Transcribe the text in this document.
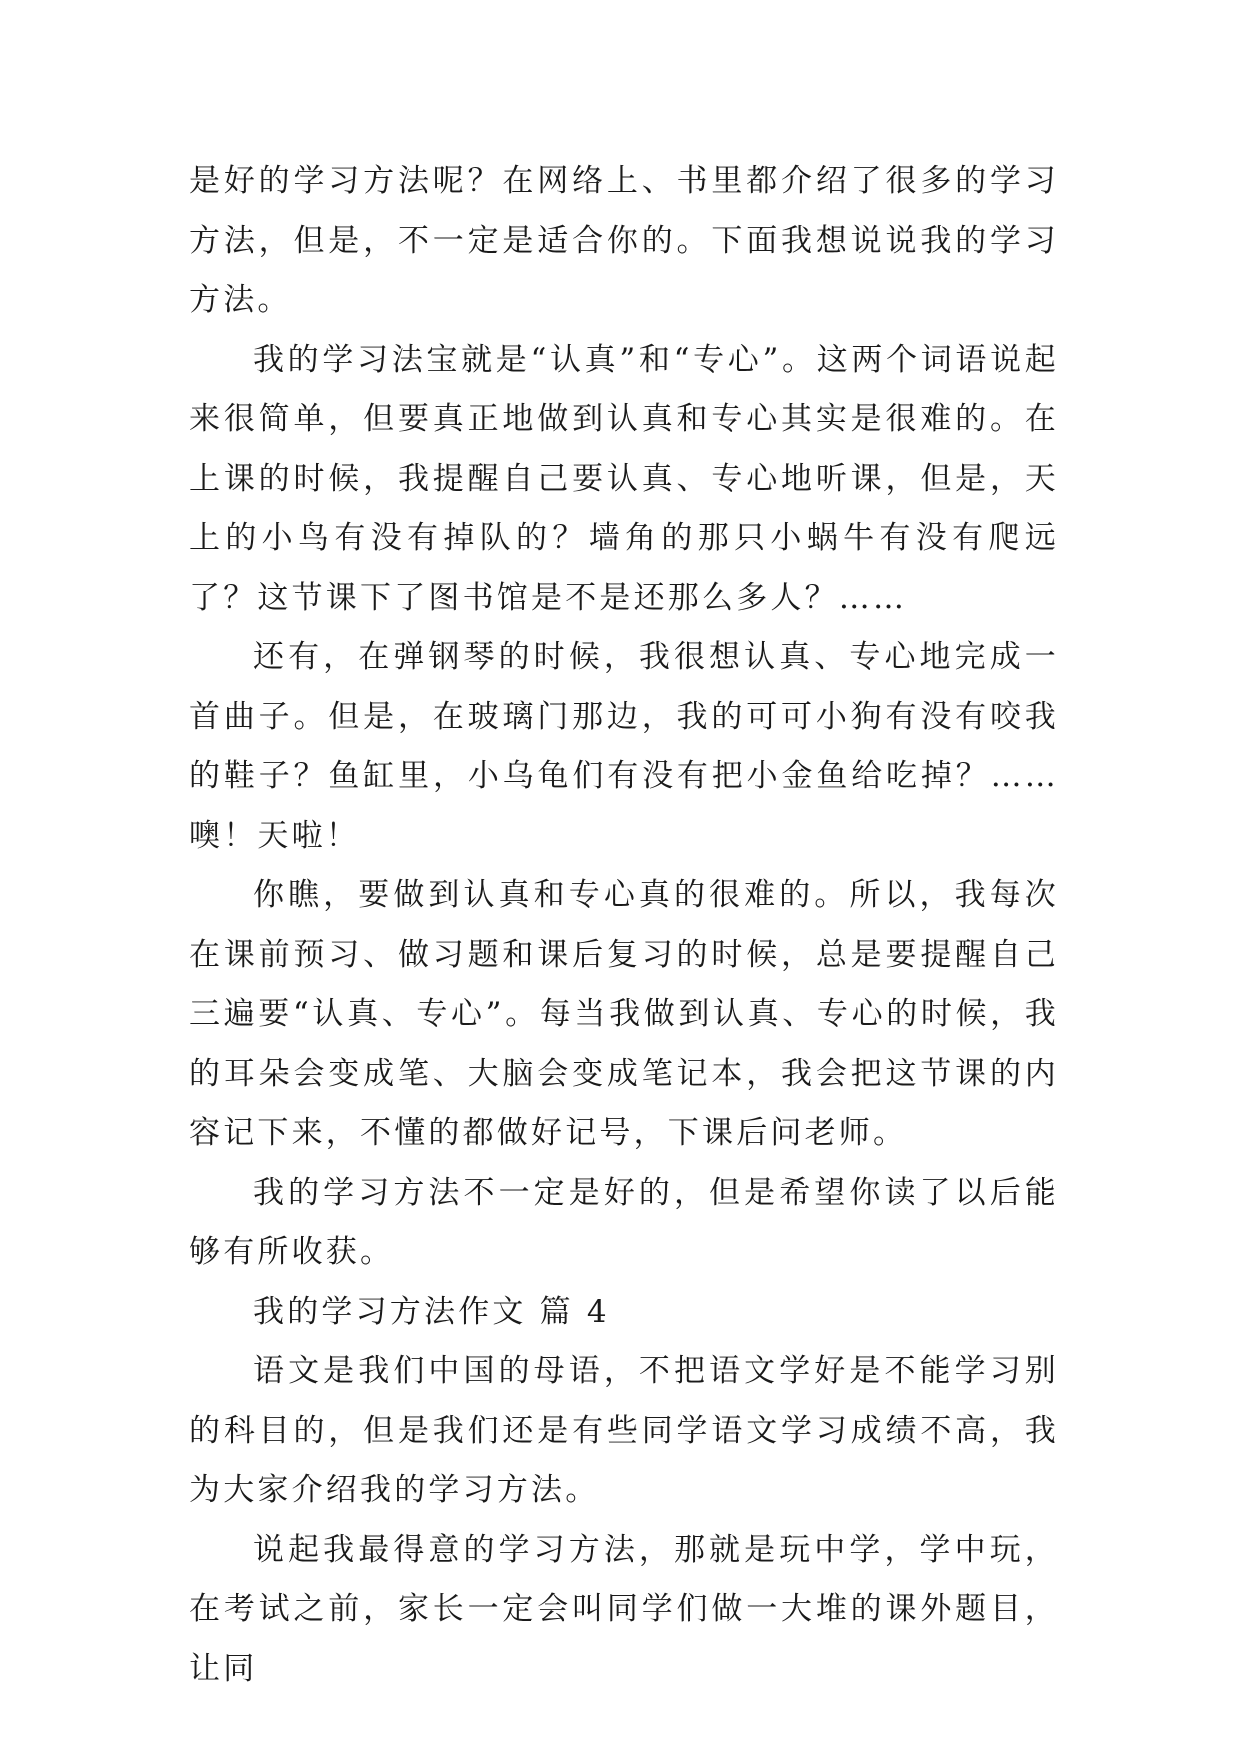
是好的学习方法呢？在网络上、书里都介绍了很多的学习方法，但是，不一定是适合你的。下面我想说说我的学习方法。

我的学习法宝就是“认真”和“专心”。这两个词语说起来很简单，但要真正地做到认真和专心其实是很难的。在上课的时候，我提醒自己要认真、专心地听课，但是，天上的小鸟有没有掉队的？墙角的那只小蜗牛有没有爬远了？这节课下了图书馆是不是还那么多人？……

还有，在弹钢琴的时候，我很想认真、专心地完成一首曲子。但是，在玻璃门那边，我的可可小狗有没有咬我的鞋子？鱼缸里，小乌龟们有没有把小金鱼给吃掉？……噢！天啦！

你瞧，要做到认真和专心真的很难的。所以，我每次在课前预习、做习题和课后复习的时候，总是要提醒自己三遍要“认真、专心”。每当我做到认真、专心的时候，我的耳朵会变成笔、大脑会变成笔记本，我会把这节课的内容记下来，不懂的都做好记号，下课后问老师。

我的学习方法不一定是好的，但是希望你读了以后能够有所收获。

我的学习方法作文 篇 4

语文是我们中国的母语，不把语文学好是不能学习别的科目的，但是我们还是有些同学语文学习成绩不高，我为大家介绍我的学习方法。

说起我最得意的学习方法，那就是玩中学，学中玩，在考试之前，家长一定会叫同学们做一大堆的课外题目，让同
